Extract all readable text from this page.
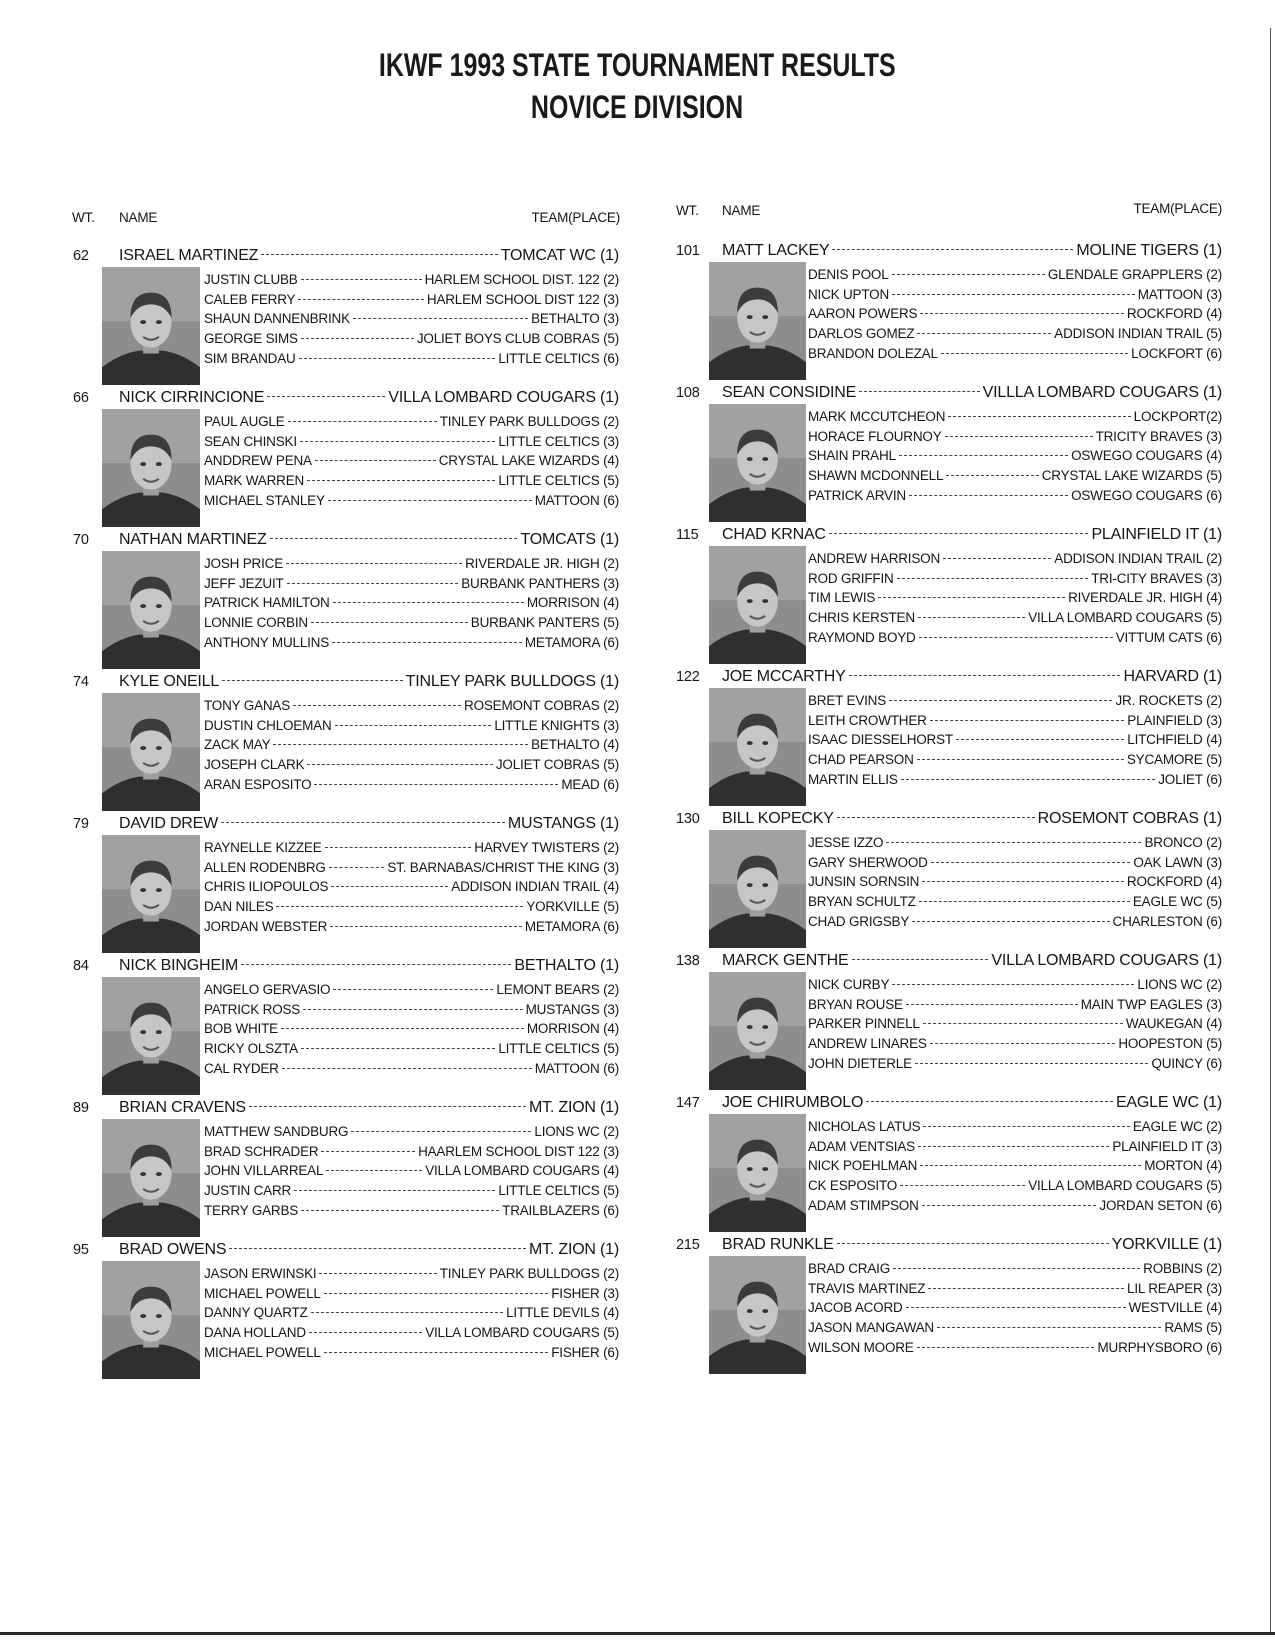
IKWF 1993 STATE TOURNAMENT RESULTS
NOVICE DIVISION
WT. NAME	TEAM(PLACE)	WT. NAME	TEAM(PLACE)
62	ISRAEL MARTINEZ	TOMCAT WC (1)
JUSTIN CLUBB	HARLEM SCHOOL DIST. 122 (2)
CALEB FERRY	HARLEM SCHOOL DIST 122 (3)
SHAUN DANNENBRINK	BETHALTO (3)
GEORGE SIMS	JOLIET BOYS CLUB COBRAS (5)
SIM BRANDAU	LITTLE CELTICS (6)
66	NICK CIRRINCIONE	VILLA LOMBARD COUGARS (1)
PAUL AUGLE	TINLEY PARK BULLDOGS (2)
SEAN CHINSKI	LITTLE CELTICS (3)
ANDDREW PENA	CRYSTAL LAKE WIZARDS (4)
MARK WARREN	LITTLE CELTICS (5)
MICHAEL STANLEY	MATTOON (6)
70	NATHAN MARTINEZ	TOMCATS (1)
JOSH PRICE	RIVERDALE JR. HIGH (2)
JEFF JEZUIT	BURBANK PANTHERS (3)
PATRICK HAMILTON	MORRISON (4)
LONNIE CORBIN	BURBANK PANTERS (5)
ANTHONY MULLINS	METAMORA (6)
74	KYLE ONEILL	TINLEY PARK BULLDOGS (1)
TONY GANAS	ROSEMONT COBRAS (2)
DUSTIN CHLOEMAN	LITTLE KNIGHTS (3)
ZACK MAY	BETHALTO (4)
JOSEPH CLARK	JOLIET COBRAS (5)
ARAN ESPOSITO	MEAD (6)
79	DAVID DREW	MUSTANGS (1)
RAYNELLE KIZZEE	HARVEY TWISTERS (2)
ALLEN RODENBRG	ST. BARNABAS/CHRIST THE KING (3)
CHRIS ILIOPOULOS	ADDISON INDIAN TRAIL (4)
DAN NILES	YORKVILLE (5)
JORDAN WEBSTER	METAMORA (6)
84	NICK BINGHEIM	BETHALTO (1)
ANGELO GERVASIO	LEMONT BEARS (2)
PATRICK ROSS	MUSTANGS (3)
BOB WHITE	MORRISON (4)
RICKY OLSZTA	LITTLE CELTICS (5)
CAL RYDER	MATTOON (6)
89	BRIAN CRAVENS	MT. ZION (1)
MATTHEW SANDBURG	LIONS WC (2)
BRAD SCHRADER	HAARLEM SCHOOL DIST 122 (3)
JOHN VILLARREAL	VILLA LOMBARD COUGARS (4)
JUSTIN CARR	LITTLE CELTICS (5)
TERRY GARBS	TRAILBLAZERS (6)
95	BRAD OWENS	MT. ZION (1)
JASON ERWINSKI	TINLEY PARK BULLDOGS (2)
MICHAEL POWELL	FISHER (3)
DANNY QUARTZ	LITTLE DEVILS (4)
DANA HOLLAND	VILLA LOMBARD COUGARS (5)
MICHAEL POWELL	FISHER (6)
101	MATT LACKEY	MOLINE TIGERS (1)
DENIS POOL	GLENDALE GRAPPLERS (2)
NICK UPTON	MATTOON (3)
AARON POWERS	ROCKFORD (4)
DARLOS GOMEZ	ADDISON INDIAN TRAIL (5)
BRANDON DOLEZAL	LOCKFORT (6)
108	SEAN CONSIDINE	VILLLA LOMBARD COUGARS (1)
MARK MCCUTCHEON	LOCKPORT(2)
HORACE FLOURNOY	TRICITY BRAVES (3)
SHAIN PRAHL	OSWEGO COUGARS (4)
SHAWN MCDONNELL	CRYSTAL LAKE WIZARDS (5)
PATRICK ARVIN	OSWEGO COUGARS (6)
115	CHAD KRNAC	PLAINFIELD IT (1)
ANDREW HARRISON	ADDISON INDIAN TRAIL (2)
ROD GRIFFIN	TRI-CITY BRAVES (3)
TIM LEWIS	RIVERDALE JR. HIGH (4)
CHRIS KERSTEN	VILLA LOMBARD COUGARS (5)
RAYMOND BOYD	VITTUM CATS (6)
122	JOE MCCARTHY	HARVARD (1)
BRET EVINS	JR. ROCKETS (2)
LEITH CROWTHER	PLAINFIELD (3)
ISAAC DIESSELHORST	LITCHFIELD (4)
CHAD PEARSON	SYCAMORE (5)
MARTIN ELLIS	JOLIET (6)
130	BILL KOPECKY	ROSEMONT COBRAS (1)
JESSE IZZO	BRONCO (2)
GARY SHERWOOD	OAK LAWN (3)
JUNSIN SORNSIN	ROCKFORD (4)
BRYAN SCHULTZ	EAGLE WC (5)
CHAD GRIGSBY	CHARLESTON (6)
138	MARCK GENTHE	VILLA LOMBARD COUGARS (1)
NICK CURBY	LIONS WC (2)
BRYAN ROUSE	MAIN TWP EAGLES (3)
PARKER PINNELL	WAUKEGAN (4)
ANDREW LINARES	HOOPESTON (5)
JOHN DIETERLE	QUINCY (6)
147	JOE CHIRUMBOLO	EAGLE WC (1)
NICHOLAS LATUS	EAGLE WC (2)
ADAM VENTSIAS	PLAINFIELD IT (3)
NICK POEHLMAN	MORTON (4)
CK ESPOSITO	VILLA LOMBARD COUGARS (5)
ADAM STIMPSON	JORDAN SETON (6)
215	BRAD RUNKLE	YORKVILLE (1)
BRAD CRAIG	ROBBINS (2)
TRAVIS MARTINEZ	LIL REAPER (3)
JACOB ACORD	WESTVILLE (4)
JASON MANGAWAN	RAMS (5)
WILSON MOORE	MURPHYSBORO (6)
